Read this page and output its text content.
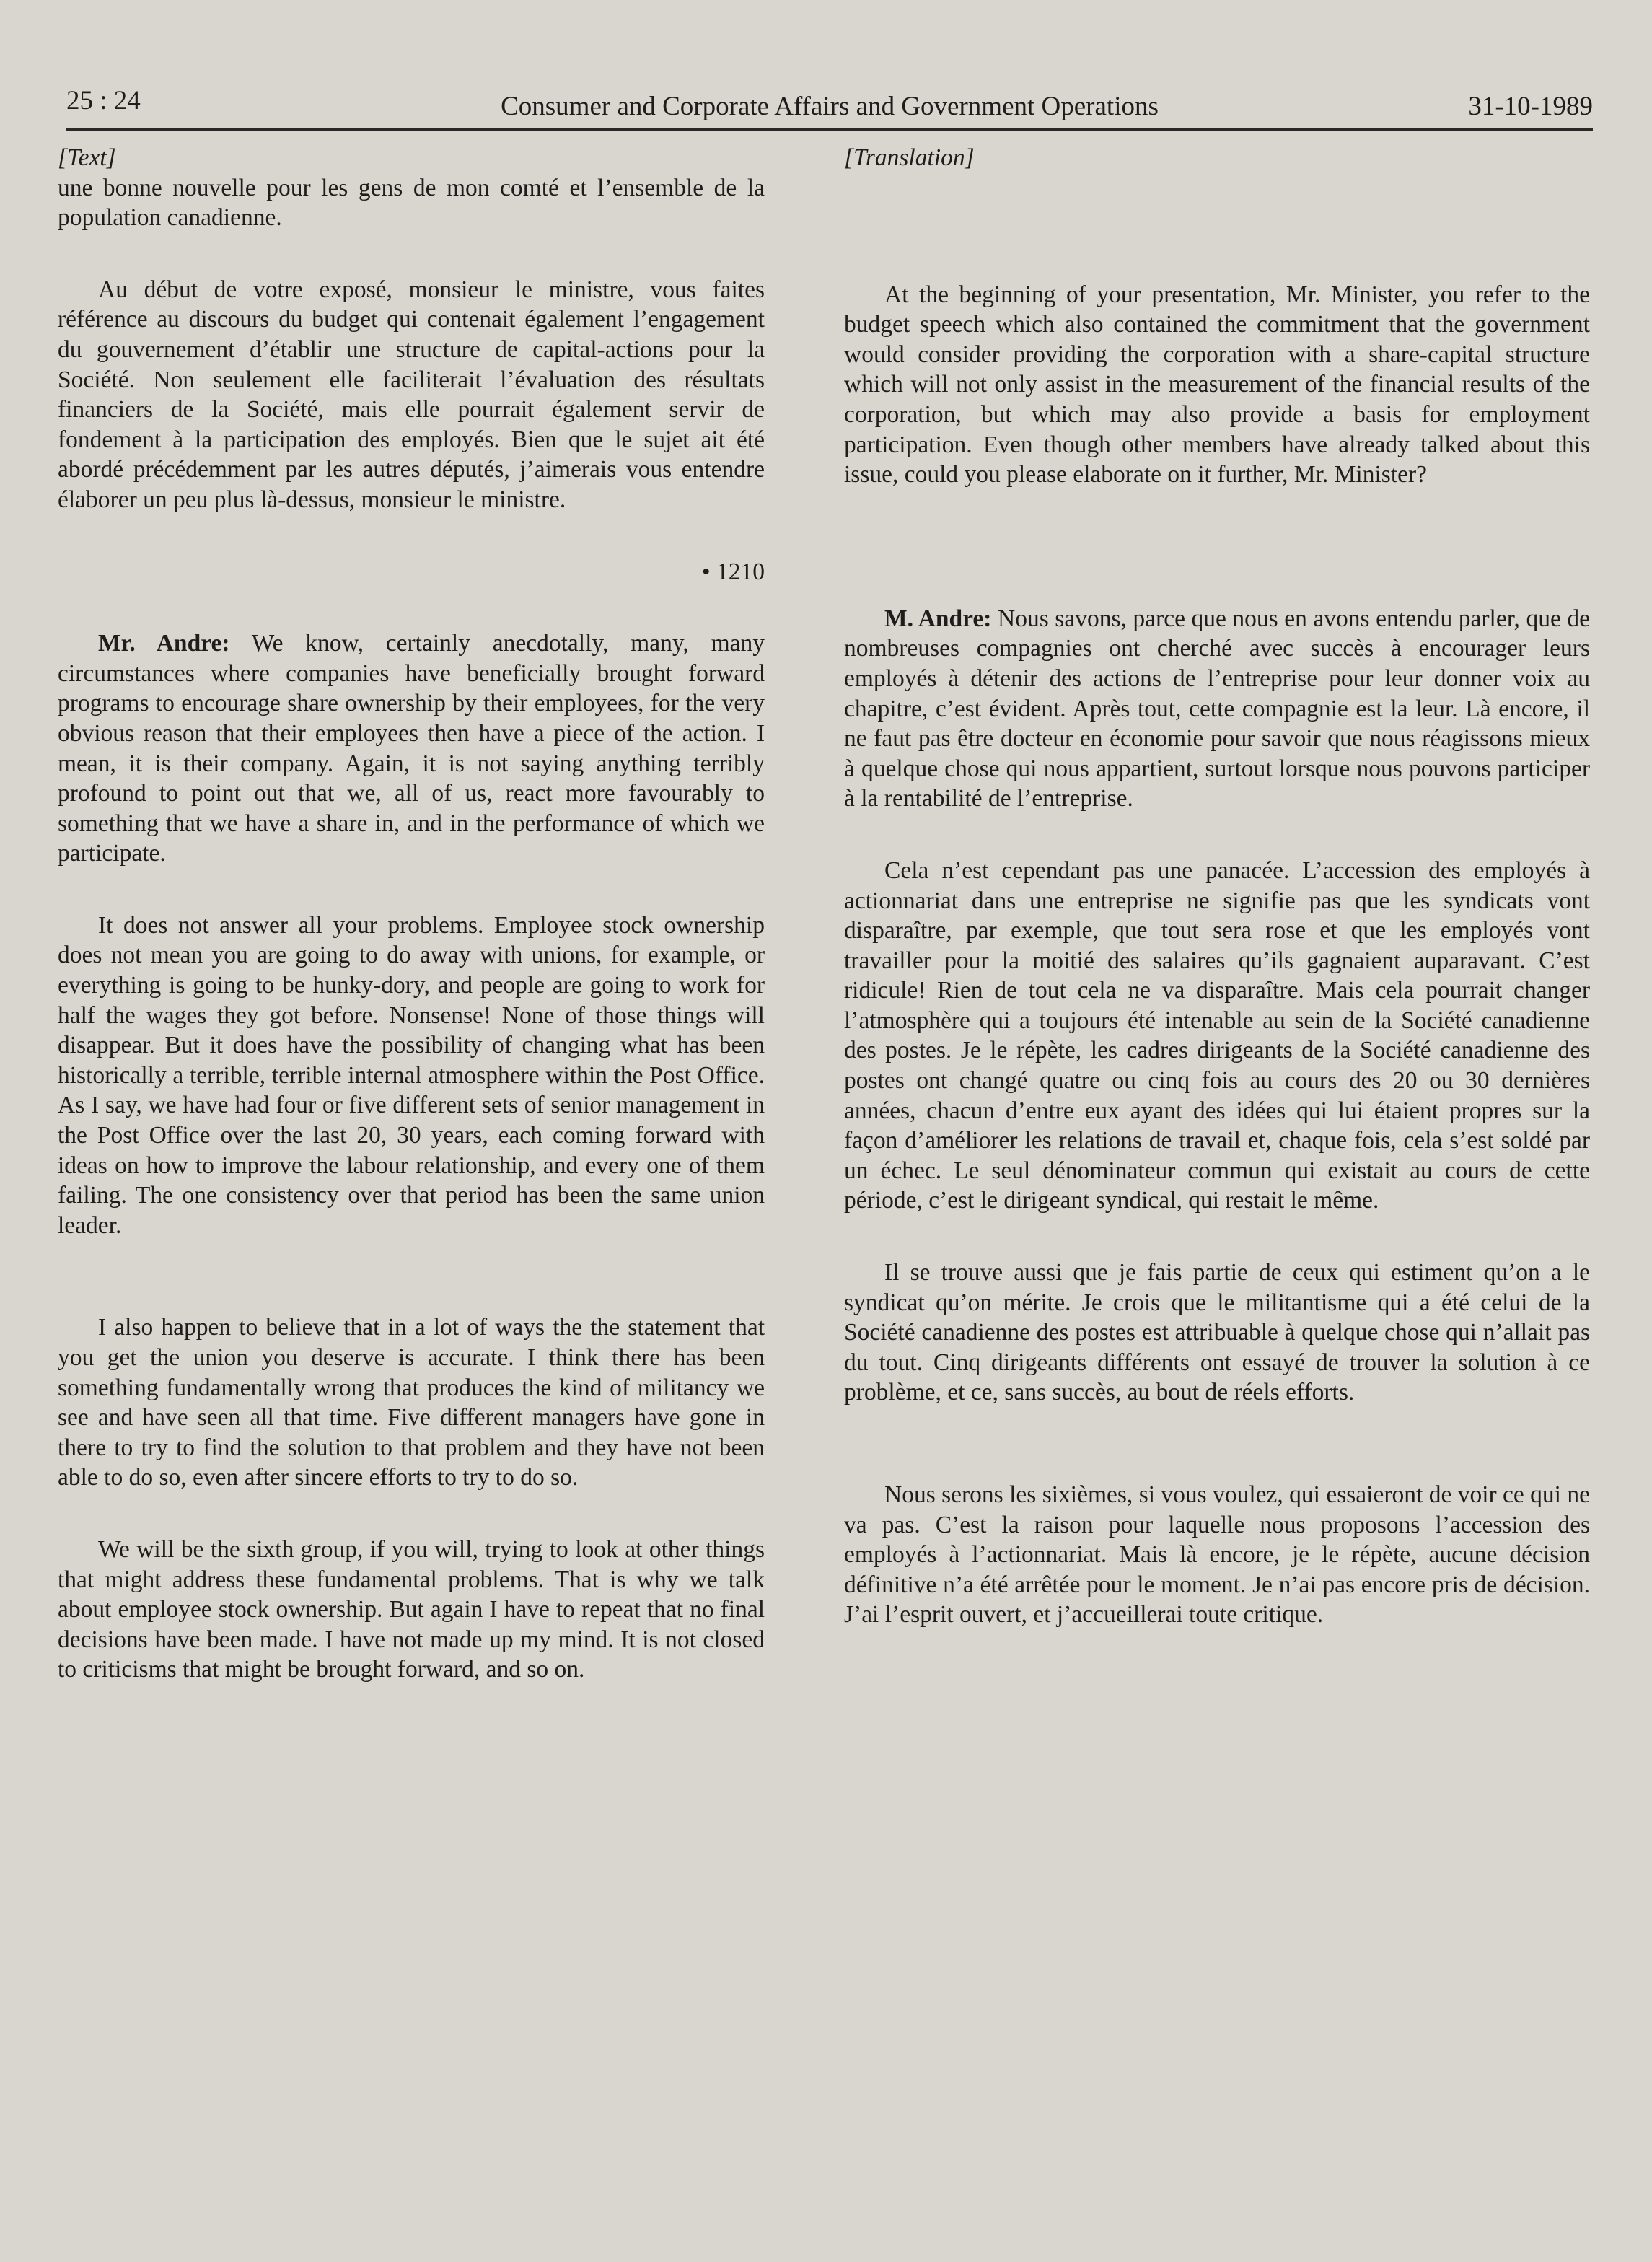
25 : 24	Consumer and Corporate Affairs and Government Operations	31-10-1989
[Text]

une bonne nouvelle pour les gens de mon comté et l’ensemble de la population canadienne.

Au début de votre exposé, monsieur le ministre, vous faites référence au discours du budget qui contenait également l’engagement du gouvernement d’établir une structure de capital-actions pour la Société. Non seulement elle faciliterait l’évaluation des résultats financiers de la Société, mais elle pourrait également servir de fondement à la participation des employés. Bien que le sujet ait été abordé précédemment par les autres députés, j’aimerais vous entendre élaborer un peu plus là-dessus, monsieur le ministre.

• 1210

Mr. Andre: We know, certainly anecdotally, many, many circumstances where companies have beneficially brought forward programs to encourage share ownership by their employees, for the very obvious reason that their employees then have a piece of the action. I mean, it is their company. Again, it is not saying anything terribly profound to point out that we, all of us, react more favourably to something that we have a share in, and in the performance of which we participate.

It does not answer all your problems. Employee stock ownership does not mean you are going to do away with unions, for example, or everything is going to be hunky-dory, and people are going to work for half the wages they got before. Nonsense! None of those things will disappear. But it does have the possibility of changing what has been historically a terrible, terrible internal atmosphere within the Post Office. As I say, we have had four or five different sets of senior management in the Post Office over the last 20, 30 years, each coming forward with ideas on how to improve the labour relationship, and every one of them failing. The one consistency over that period has been the same union leader.

I also happen to believe that in a lot of ways the the statement that you get the union you deserve is accurate. I think there has been something fundamentally wrong that produces the kind of militancy we see and have seen all that time. Five different managers have gone in there to try to find the solution to that problem and they have not been able to do so, even after sincere efforts to try to do so.

We will be the sixth group, if you will, trying to look at other things that might address these fundamental problems. That is why we talk about employee stock ownership. But again I have to repeat that no final decisions have been made. I have not made up my mind. It is not closed to criticisms that might be brought forward, and so on.

[Translation]

At the beginning of your presentation, Mr. Minister, you refer to the budget speech which also contained the commitment that the government would consider providing the corporation with a share-capital structure which will not only assist in the measurement of the financial results of the corporation, but which may also provide a basis for employment participation. Even though other members have already talked about this issue, could you please elaborate on it further, Mr. Minister?

M. Andre: Nous savons, parce que nous en avons entendu parler, que de nombreuses compagnies ont cherché avec succès à encourager leurs employés à détenir des actions de l’entreprise pour leur donner voix au chapitre, c’est évident. Après tout, cette compagnie est la leur. Là encore, il ne faut pas être docteur en économie pour savoir que nous réagissons mieux à quelque chose qui nous appartient, surtout lorsque nous pouvons participer à la rentabilité de l’entreprise.

Cela n’est cependant pas une panacée. L’accession des employés à actionnariat dans une entreprise ne signifie pas que les syndicats vont disparaître, par exemple, que tout sera rose et que les employés vont travailler pour la moitié des salaires qu’ils gagnaient auparavant. C’est ridicule! Rien de tout cela ne va disparaître. Mais cela pourrait changer l’atmosphère qui a toujours été intenable au sein de la Société canadienne des postes. Je le répète, les cadres dirigeants de la Société canadienne des postes ont changé quatre ou cinq fois au cours des 20 ou 30 dernières années, chacun d’entre eux ayant des idées qui lui étaient propres sur la façon d’améliorer les relations de travail et, chaque fois, cela s’est soldé par un échec. Le seul dénominateur commun qui existait au cours de cette période, c’est le dirigeant syndical, qui restait le même.

Il se trouve aussi que je fais partie de ceux qui estiment qu’on a le syndicat qu’on mérite. Je crois que le militantisme qui a été celui de la Société canadienne des postes est attribuable à quelque chose qui n’allait pas du tout. Cinq dirigeants différents ont essayé de trouver la solution à ce problème, et ce, sans succès, au bout de réels efforts.

Nous serons les sixièmes, si vous voulez, qui essaieront de voir ce qui ne va pas. C’est la raison pour laquelle nous proposons l’accession des employés à l’actionnariat. Mais là encore, je le répète, aucune décision définitive n’a été arrêtée pour le moment. Je n’ai pas encore pris de décision. J’ai l’esprit ouvert, et j’accueillerai toute critique.
